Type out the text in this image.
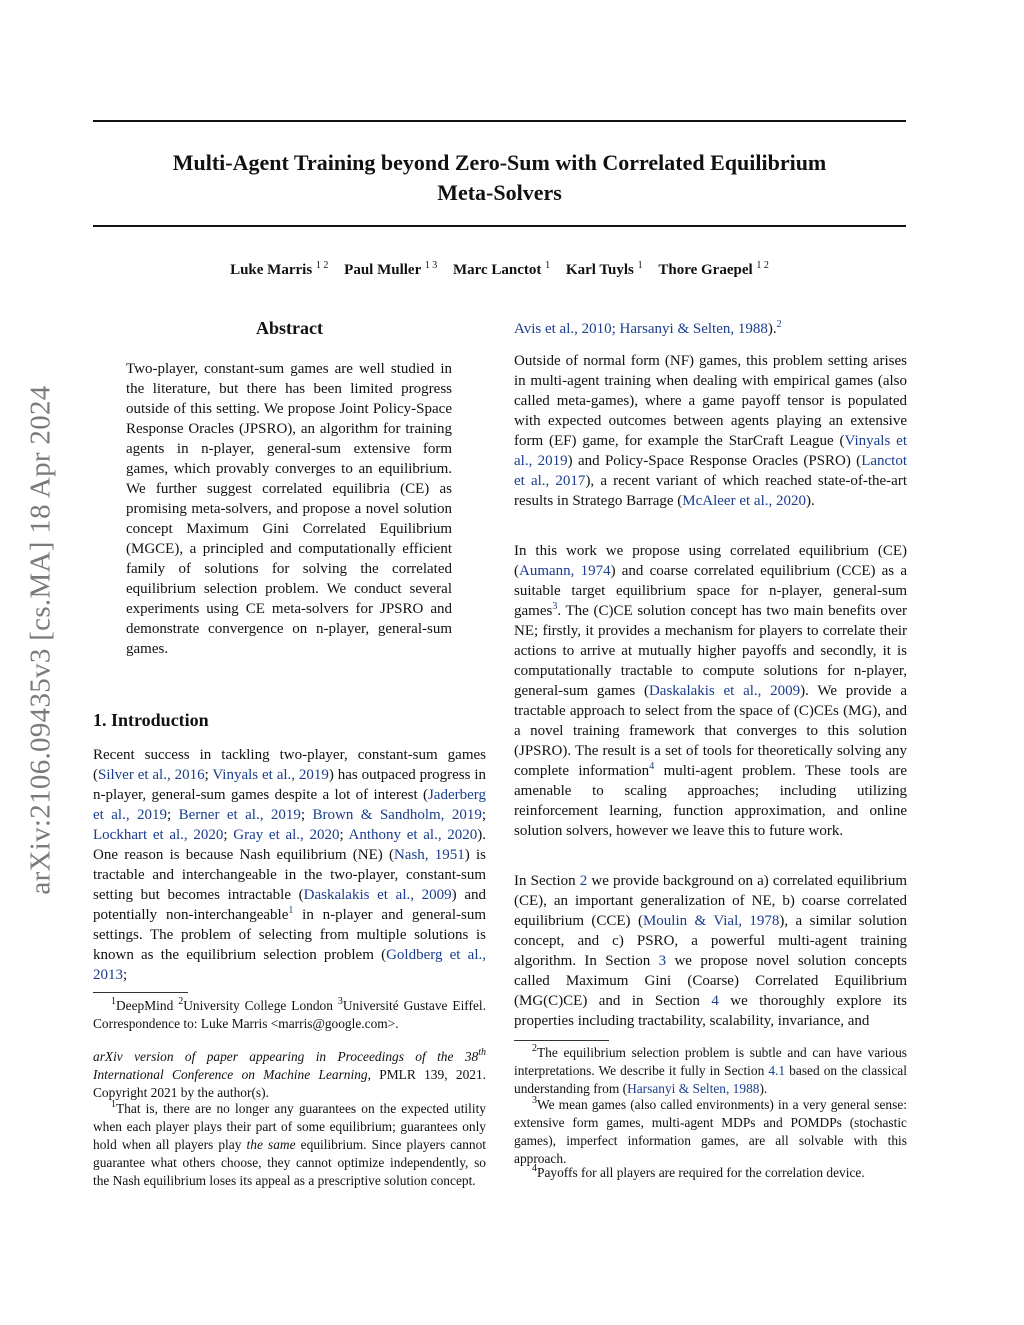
arXiv:2106.09435v3 [cs.MA] 18 Apr 2024
Multi-Agent Training beyond Zero-Sum with Correlated Equilibrium
Meta-Solvers
Luke Marris $^{1 2}$ Paul Muller $^{1 3}$ Marc Lanctot $^1$ Karl Tuyls $^1$ Thore Graepel $^{1 2}$
Abstract
Two-player, constant-sum games are well studied in the literature, but there has been limited progress outside of this setting. We propose Joint Policy-Space Response Oracles (JPSRO), an algorithm for training agents in n-player, general-sum extensive form games, which provably converges to an equilibrium. We further suggest correlated equilibria (CE) as promising meta-solvers, and propose a novel solution concept Maximum Gini Correlated Equilibrium (MGCE), a principled and computationally efficient family of solutions for solving the correlated equilibrium selection problem. We conduct several experiments using CE meta-solvers for JPSRO and demonstrate convergence on n-player, general-sum games.
1. Introduction
Recent success in tackling two-player, constant-sum games (Silver et al., 2016; Vinyals et al., 2019) has outpaced progress in n-player, general-sum games despite a lot of interest (Jaderberg et al., 2019; Berner et al., 2019; Brown & Sandholm, 2019; Lockhart et al., 2020; Gray et al., 2020; Anthony et al., 2020). One reason is because Nash equilibrium (NE) (Nash, 1951) is tractable and interchangeable in the two-player, constant-sum setting but becomes intractable (Daskalakis et al., 2009) and potentially non-interchangeable$^1$ in n-player and general-sum settings. The problem of selecting from multiple solutions is known as the equilibrium selection problem (Goldberg et al., 2013;
$^1$DeepMind $^2$University College London $^3$Université Gustave Eiffel. Correspondence to: Luke Marris <marris@google.com>.
arXiv version of paper appearing in Proceedings of the 38th International Conference on Machine Learning, PMLR 139, 2021. Copyright 2021 by the author(s).
$^1$That is, there are no longer any guarantees on the expected utility when each player plays their part of some equilibrium; guarantees only hold when all players play the same equilibrium. Since players cannot guarantee what others choose, they cannot optimize independently, so the Nash equilibrium loses its appeal as a prescriptive solution concept.
Avis et al., 2010; Harsanyi & Selten, 1988).$^2$
Outside of normal form (NF) games, this problem setting arises in multi-agent training when dealing with empirical games (also called meta-games), where a game payoff tensor is populated with expected outcomes between agents playing an extensive form (EF) game, for example the StarCraft League (Vinyals et al., 2019) and Policy-Space Response Oracles (PSRO) (Lanctot et al., 2017), a recent variant of which reached state-of-the-art results in Stratego Barrage (McAleer et al., 2020).
In this work we propose using correlated equilibrium (CE) (Aumann, 1974) and coarse correlated equilibrium (CCE) as a suitable target equilibrium space for n-player, general-sum games$^3$. The (C)CE solution concept has two main benefits over NE; firstly, it provides a mechanism for players to correlate their actions to arrive at mutually higher payoffs and secondly, it is computationally tractable to compute solutions for n-player, general-sum games (Daskalakis et al., 2009). We provide a tractable approach to select from the space of (C)CEs (MG), and a novel training framework that converges to this solution (JPSRO). The result is a set of tools for theoretically solving any complete information$^4$ multi-agent problem. These tools are amenable to scaling approaches; including utilizing reinforcement learning, function approximation, and online solution solvers, however we leave this to future work.
In Section 2 we provide background on a) correlated equilibrium (CE), an important generalization of NE, b) coarse correlated equilibrium (CCE) (Moulin & Vial, 1978), a similar solution concept, and c) PSRO, a powerful multi-agent training algorithm. In Section 3 we propose novel solution concepts called Maximum Gini (Coarse) Correlated Equilibrium (MG(C)CE) and in Section 4 we thoroughly explore its properties including tractability, scalability, invariance, and
$^2$The equilibrium selection problem is subtle and can have various interpretations. We describe it fully in Section 4.1 based on the classical understanding from (Harsanyi & Selten, 1988).
$^3$We mean games (also called environments) in a very general sense: extensive form games, multi-agent MDPs and POMDPs (stochastic games), imperfect information games, are all solvable with this approach.
$^4$Payoffs for all players are required for the correlation device.
